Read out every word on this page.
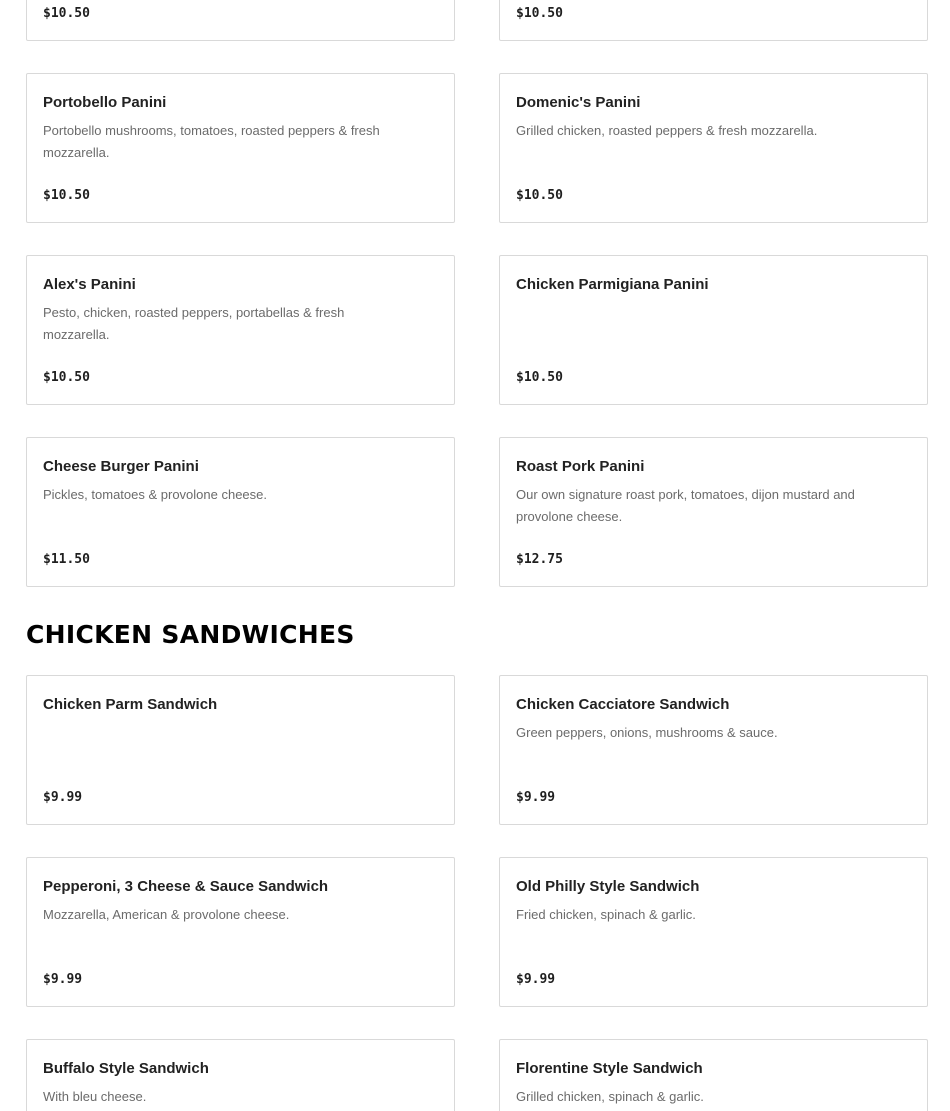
$10.50	$10.50
Portobello Panini
Portobello mushrooms, tomatoes, roasted peppers & fresh mozzarella.
$10.50
Domenic's Panini
Grilled chicken, roasted peppers & fresh mozzarella.
$10.50
Alex's Panini
Pesto, chicken, roasted peppers, portabellas & fresh mozzarella.
$10.50
Chicken Parmigiana Panini
$10.50
Cheese Burger Panini
Pickles, tomatoes & provolone cheese.
$11.50
Roast Pork Panini
Our own signature roast pork, tomatoes, dijon mustard and provolone cheese.
$12.75
CHICKEN SANDWICHES
Chicken Parm Sandwich
$9.99
Chicken Cacciatore Sandwich
Green peppers, onions, mushrooms & sauce.
$9.99
Pepperoni, 3 Cheese & Sauce Sandwich
Mozzarella, American & provolone cheese.
$9.99
Old Philly Style Sandwich
Fried chicken, spinach & garlic.
$9.99
Buffalo Style Sandwich
With bleu cheese.
Florentine Style Sandwich
Grilled chicken, spinach & garlic.
